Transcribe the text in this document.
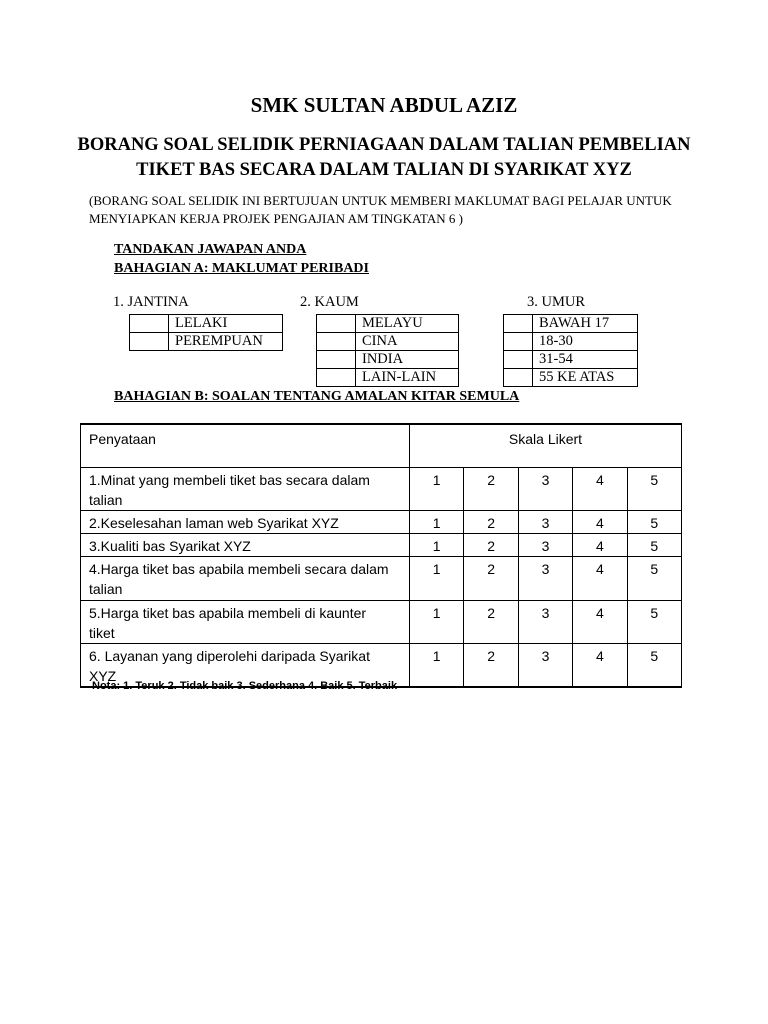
SMK SULTAN ABDUL AZIZ
BORANG SOAL SELIDIK PERNIAGAAN DALAM TALIAN PEMBELIAN
TIKET BAS SECARA DALAM TALIAN DI SYARIKAT XYZ
(BORANG SOAL SELIDIK INI BERTUJUAN UNTUK MEMBERI MAKLUMAT BAGI PELAJAR UNTUK
MENYIAPKAN KERJA PROJEK PENGAJIAN AM TINGKATAN 6 )
TANDAKAN JAWAPAN ANDA
BAHAGIAN A: MAKLUMAT PERIBADI
1. JANTINA
	LELAKI
	PEREMPUAN
2. KAUM
	MELAYU
	CINA
	INDIA
	LAIN-LAIN
3. UMUR
	BAWAH 17
	18-30
	31-54
	55 KE ATAS
BAHAGIAN B: SOALAN TENTANG AMALAN KITAR SEMULA
Penyataan	Skala Likert				

1.Minat yang membeli tiket bas secara dalam
talian	1	2	3	4	5

2.Keselesahan laman web Syarikat XYZ	1	2	3	4	5

3.Kualiti bas Syarikat XYZ	1	2	3	4	5

4.Harga tiket bas apabila membeli secara dalam
talian	1	2	3	4	5

5.Harga tiket bas apabila membeli di kaunter
tiket	1	2	3	4	5

6. Layanan yang diperolehi daripada Syarikat
XYZ	1	2	3	4	5
Nota: 1. Teruk 2. Tidak baik 3. Sederhana 4. Baik 5. Terbaik
